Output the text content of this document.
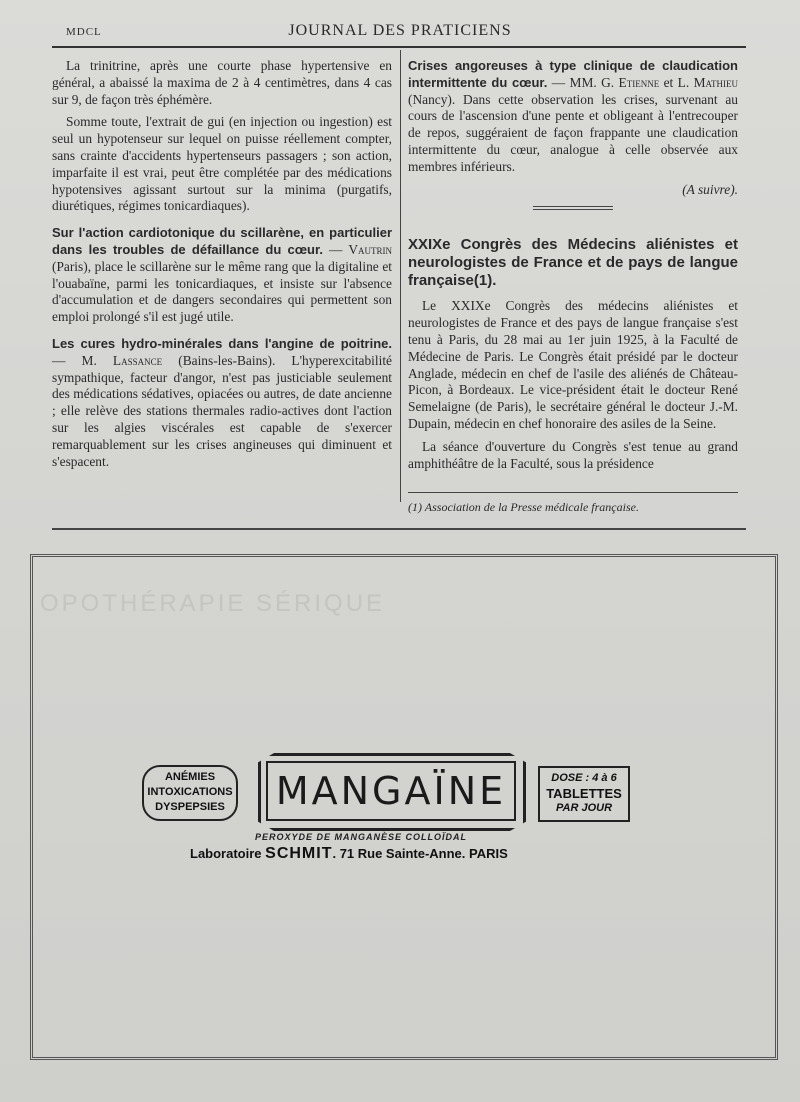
MDCL	JOURNAL DES PRATICIENS

La trinitrine, après une courte phase hypertensive en général, a abaissé la maxima de 2 à 4 centimètres, dans 4 cas sur 9, de façon très éphémère.

Somme toute, l'extrait de gui (en injection ou ingestion) est seul un hypotenseur sur lequel on puisse réellement compter, sans crainte d'accidents hypertenseurs passagers ; son action, imparfaite il est vrai, peut être complétée par des médications hypotensives agissant surtout sur la minima (purgatifs, diurétiques, régimes tonicardiaques).

Sur l'action cardiotonique du scillarène, en particulier dans les troubles de défaillance du cœur. — Vautrin (Paris), place le scillarène sur le même rang que la digitaline et l'ouabaïne, parmi les tonicardiaques, et insiste sur l'absence d'accumulation et de dangers secondaires qui permettent son emploi prolongé s'il est jugé utile.

Les cures hydro-minérales dans l'angine de poitrine. — M. Lassance (Bains-les-Bains). L'hyperexcitabilité sympathique, facteur d'angor, n'est pas justiciable seulement des médications sédatives, opiacées ou autres, de date ancienne ; elle relève des stations thermales radio-actives dont l'action sur les algies viscérales est capable de s'exercer remarquablement sur les crises angineuses qui diminuent et s'espacent.

Crises angoreuses à type clinique de claudication intermittente du cœur. — MM. G. Etienne et L. Mathieu (Nancy). Dans cette observation les crises, survenant au cours de l'ascension d'une pente et obligeant à l'entrecouper de repos, suggéraient de façon frappante une claudication intermittente du cœur, analogue à celle observée aux membres inférieurs.

(A suivre).
XXIXe Congrès des Médecins aliénistes et neurologistes de France et de pays de langue française(1).

Le XXIXe Congrès des médecins aliénistes et neurologistes de France et des pays de langue française s'est tenu à Paris, du 28 mai au 1er juin 1925, à la Faculté de Médecine de Paris. Le Congrès était présidé par le docteur Anglade, médecin en chef de l'asile des aliénés de Château-Picon, à Bordeaux. Le vice-président était le docteur René Semelaigne (de Paris), le secrétaire général le docteur J.-M. Dupain, médecin en chef honoraire des asiles de la Seine.

La séance d'ouverture du Congrès s'est tenue au grand amphithéâtre de la Faculté, sous la présidence

(1) Association de la Presse médicale française.
OPOTHÉRAPIE SÉRIQUE
ANÉMIES
INTOXICATIONS
DYSPEPSIES MANGAÏNE	DOSE : 4 à 6
TABLETTES
PAR JOUR
PEROXYDE DE MANGANÈSE COLLOÏDAL
Laboratoire SCHMIT. 71 Rue Sainte-Anne. PARIS
